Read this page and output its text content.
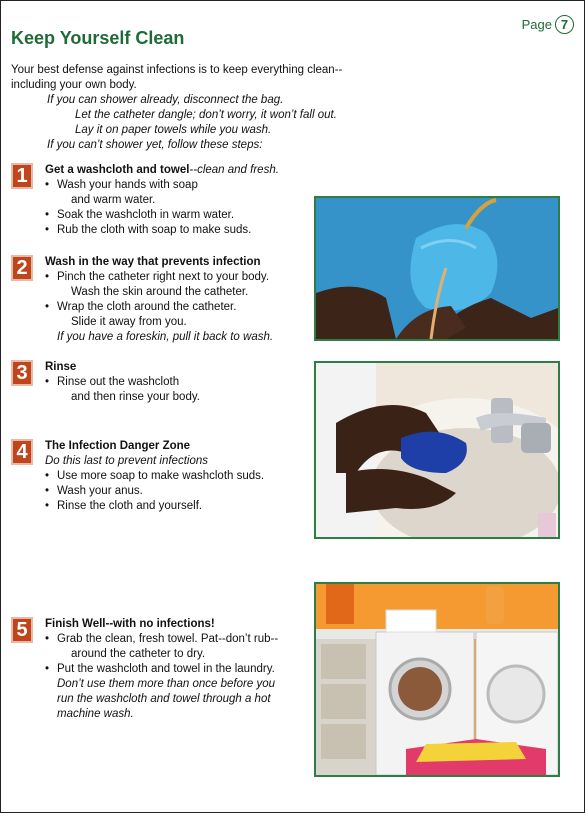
Page 7
Keep Yourself Clean

Your best defense against infections is to keep everything clean--

including your own body.

If you can shower already, disconnect the bag.

Let the catheter dangle; don’t worry, it won’t fall out.

Lay it on paper towels while you wash.

If you can’t shower yet, follow these steps:

1	Get a washcloth and towel--clean and fresh.
• Wash your hands with soap
and warm water.
• Soak the washcloth in warm water.
• Rub the cloth with soap to make suds.
2	Wash in the way that prevents infection
• Pinch the catheter right next to your body.
Wash the skin around the catheter.
• Wrap the cloth around the catheter.
Slide it away from you.
If you have a foreskin, pull it back to wash.
3	Rinse
• Rinse out the washcloth
and then rinse your body.
4	The Infection Danger Zone
Do this last to prevent infections
• Use more soap to make washcloth suds.
• Wash your anus.
• Rinse the cloth and yourself.
5	Finish Well--with no infections!
• Grab the clean, fresh towel. Pat--don’t rub--
around the catheter to dry.
• Put the washcloth and towel in the laundry.
Don’t use them more than once before you
run the washcloth and towel through a hot
machine wash.
